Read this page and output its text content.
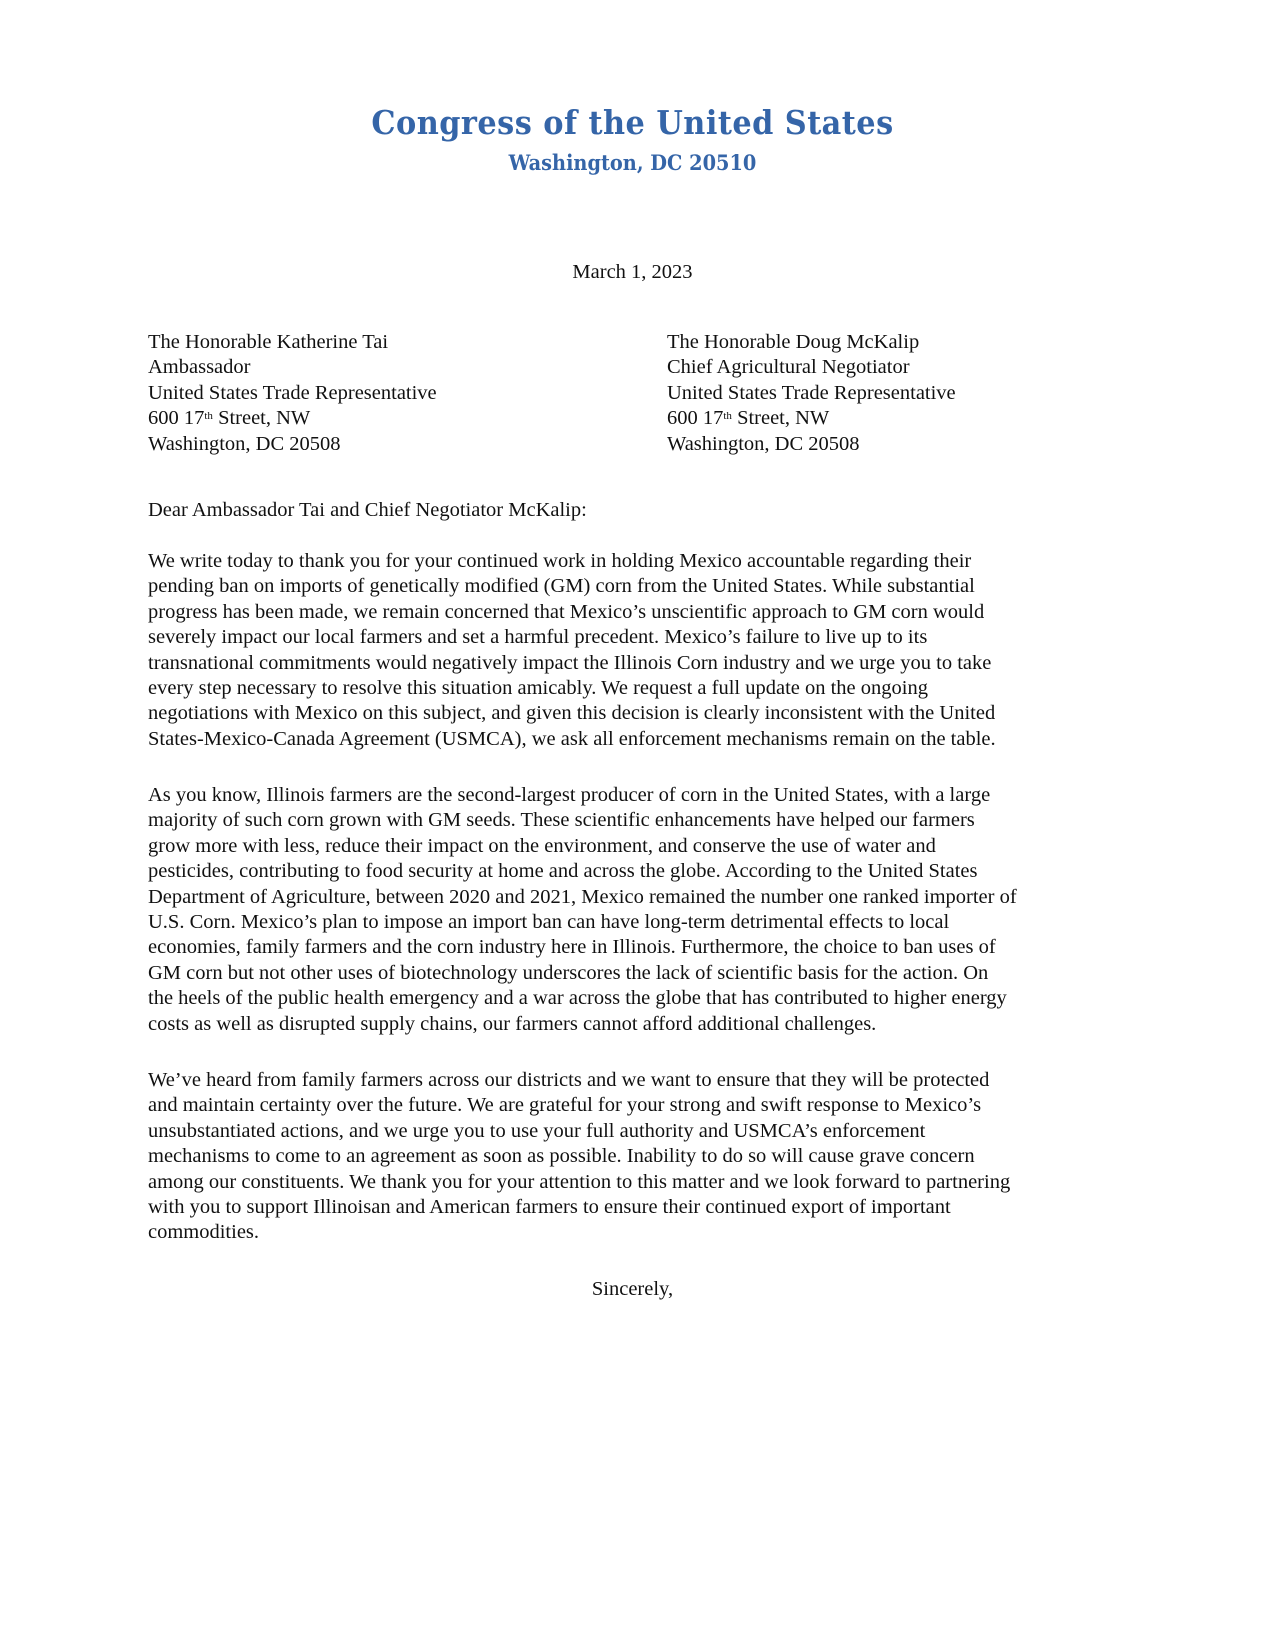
Congress of the United States
Washington, DC 20510
March 1, 2023
The Honorable Katherine Tai
Ambassador
United States Trade Representative
600 17th Street, NW
Washington, DC 20508
The Honorable Doug McKalip
Chief Agricultural Negotiator
United States Trade Representative
600 17th Street, NW
Washington, DC 20508
Dear Ambassador Tai and Chief Negotiator McKalip:
We write today to thank you for your continued work in holding Mexico accountable regarding their
pending ban on imports of genetically modified (GM) corn from the United States. While substantial
progress has been made, we remain concerned that Mexico’s unscientific approach to GM corn would
severely impact our local farmers and set a harmful precedent. Mexico’s failure to live up to its
transnational commitments would negatively impact the Illinois Corn industry and we urge you to take
every step necessary to resolve this situation amicably. We request a full update on the ongoing
negotiations with Mexico on this subject, and given this decision is clearly inconsistent with the United
States-Mexico-Canada Agreement (USMCA), we ask all enforcement mechanisms remain on the table.
As you know, Illinois farmers are the second-largest producer of corn in the United States, with a large
majority of such corn grown with GM seeds. These scientific enhancements have helped our farmers
grow more with less, reduce their impact on the environment, and conserve the use of water and
pesticides, contributing to food security at home and across the globe. According to the United States
Department of Agriculture, between 2020 and 2021, Mexico remained the number one ranked importer of
U.S. Corn. Mexico’s plan to impose an import ban can have long-term detrimental effects to local
economies, family farmers and the corn industry here in Illinois. Furthermore, the choice to ban uses of
GM corn but not other uses of biotechnology underscores the lack of scientific basis for the action. On
the heels of the public health emergency and a war across the globe that has contributed to higher energy
costs as well as disrupted supply chains, our farmers cannot afford additional challenges.
We’ve heard from family farmers across our districts and we want to ensure that they will be protected
and maintain certainty over the future. We are grateful for your strong and swift response to Mexico’s
unsubstantiated actions, and we urge you to use your full authority and USMCA’s enforcement
mechanisms to come to an agreement as soon as possible. Inability to do so will cause grave concern
among our constituents. We thank you for your attention to this matter and we look forward to partnering
with you to support Illinoisan and American farmers to ensure their continued export of important
commodities.
Sincerely,
